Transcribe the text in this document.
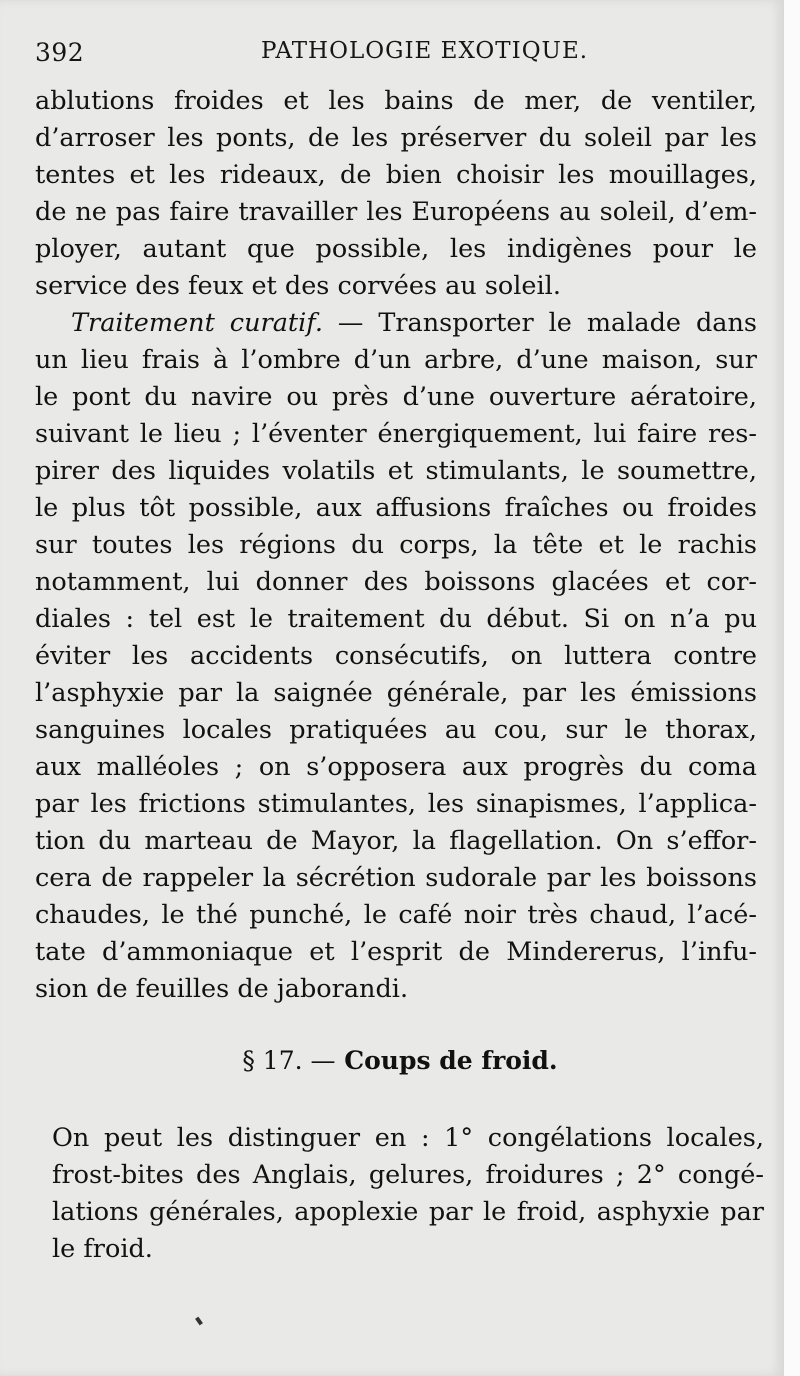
392	PATHOLOGIE EXOTIQUE.
ablutions froides et les bains de mer, de ventiler,
d’arroser les ponts, de les préserver du soleil par les
tentes et les rideaux, de bien choisir les mouillages,
de ne pas faire travailler les Européens au soleil, d’em-
ployer, autant que possible, les indigènes pour le
service des feux et des corvées au soleil.
Traitement curatif. — Transporter le malade dans
un lieu frais à l’ombre d’un arbre, d’une maison, sur
le pont du navire ou près d’une ouverture aératoire,
suivant le lieu ; l’éventer énergiquement, lui faire res-
pirer des liquides volatils et stimulants, le soumettre,
le plus tôt possible, aux affusions fraîches ou froides
sur toutes les régions du corps, la tête et le rachis
notamment, lui donner des boissons glacées et cor-
diales : tel est le traitement du début. Si on n’a pu
éviter les accidents consécutifs, on luttera contre
l’asphyxie par la saignée générale, par les émissions
sanguines locales pratiquées au cou, sur le thorax,
aux malléoles ; on s’opposera aux progrès du coma
par les frictions stimulantes, les sinapismes, l’applica-
tion du marteau de Mayor, la flagellation. On s’effor-
cera de rappeler la sécrétion sudorale par les boissons
chaudes, le thé punché, le café noir très chaud, l’acé-
tate d’ammoniaque et l’esprit de Mindererus, l’infu-
sion de feuilles de jaborandi.
§ 17. — Coups de froid.
On peut les distinguer en : 1° congélations locales,
frost-bites des Anglais, gelures, froidures ; 2° congé-
lations générales, apoplexie par le froid, asphyxie par
le froid.
